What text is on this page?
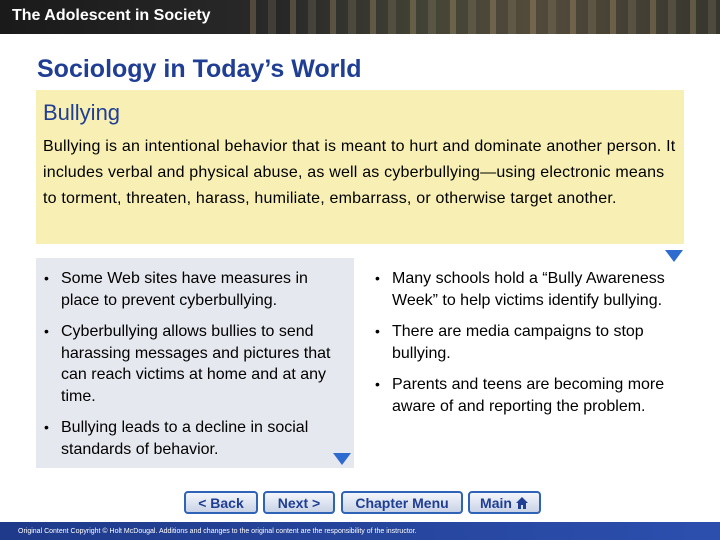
The Adolescent in Society
Sociology in Today’s World
Bullying
Bullying is an intentional behavior that is meant to hurt and dominate another person. It includes verbal and physical abuse, as well as cyberbullying—using electronic means to torment, threaten, harass, humiliate, embarrass, or otherwise target another.
• Some Web sites have measures in place to prevent cyberbullying.
• Cyberbullying allows bullies to send harassing messages and pictures that can reach victims at home and at any time.
• Bullying leads to a decline in social standards of behavior.
• Many schools hold a “Bully Awareness Week” to help victims identify bullying.
• There are media campaigns to stop bullying.
• Parents and teens are becoming more aware of and reporting the problem.
< Back Next >	Chapter Menu Main
Original Content Copyright © Holt McDougal. Additions and changes to the original content are the responsibility of the instructor.
